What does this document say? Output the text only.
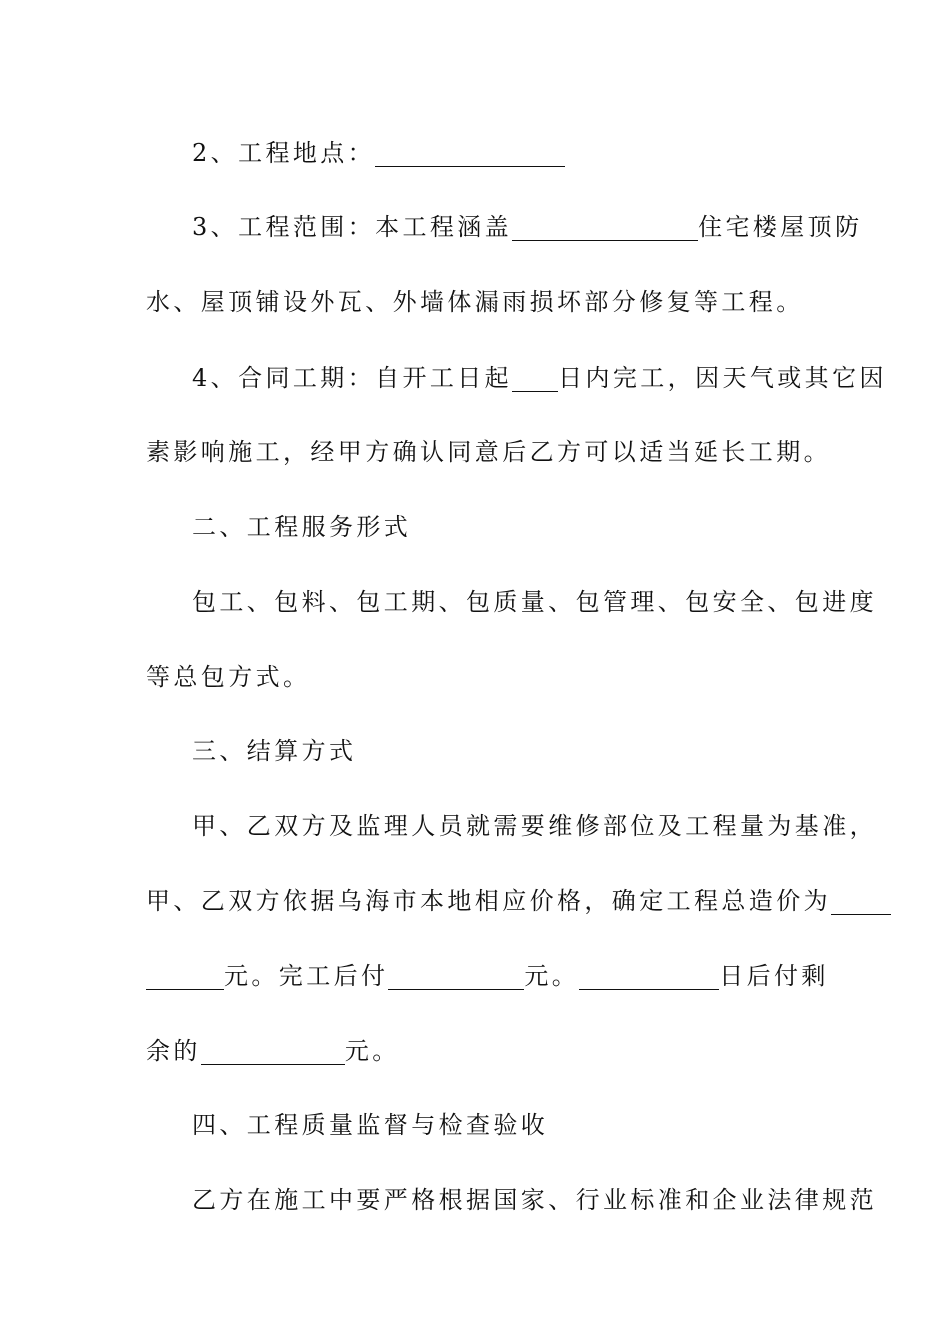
2、工程地点：
3、工程范围：本工程涵盖	住宅楼屋顶防
水、屋顶铺设外瓦、外墙体漏雨损坏部分修复等工程。
4、合同工期：自开工日起 日内完工，因天气或其它因
素影响施工，经甲方确认同意后乙方可以适当延长工期。
二、工程服务形式
包工、包料、包工期、包质量、包管理、包安全、包进度
等总包方式。
三、结算方式
甲、乙双方及监理人员就需要维修部位及工程量为基准，
甲、乙双方依据乌海市本地相应价格，确定工程总造价为
元。完工后付	元。	日后付剩
余的	元。
四、工程质量监督与检查验收
乙方在施工中要严格根据国家、行业标准和企业法律规范
